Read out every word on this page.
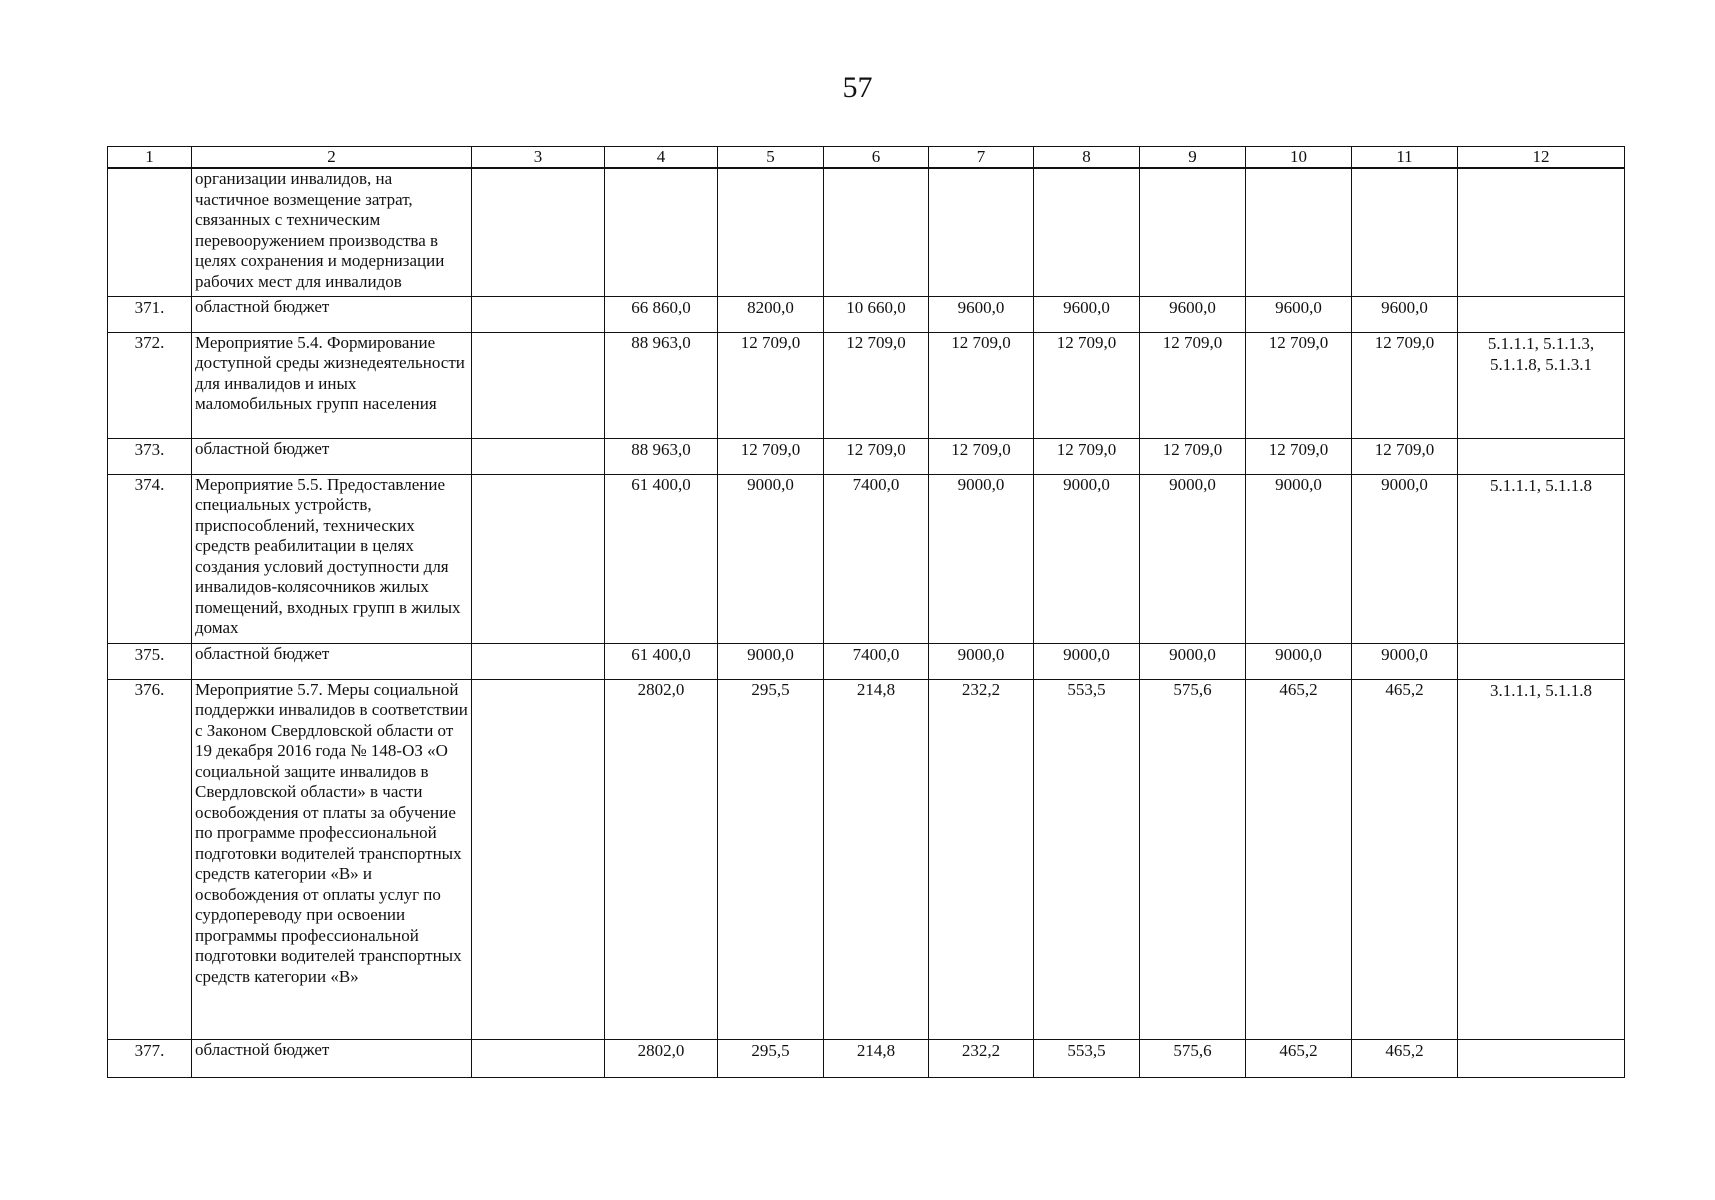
57
1	2	3	4	5	6	7	8	9	10	11	12
	организации инвалидов, на частичное возмещение затрат, связанных с техническим перевооружением производства в целях сохранения и модернизации рабочих мест для инвалидов										
371.	областной бюджет		66 860,0	8200,0	10 660,0	9600,0	9600,0	9600,0	9600,0	9600,0	
372.	Мероприятие 5.4. Формирование доступной среды жизнедеятельности для инвалидов и иных маломобильных групп населения		88 963,0	12 709,0	12 709,0	12 709,0	12 709,0	12 709,0	12 709,0	12 709,0	5.1.1.1, 5.1.1.3, 5.1.1.8, 5.1.3.1
373.	областной бюджет		88 963,0	12 709,0	12 709,0	12 709,0	12 709,0	12 709,0	12 709,0	12 709,0	
374.	Мероприятие 5.5. Предоставление специальных устройств, приспособлений, технических средств реабилитации в целях создания условий доступности для инвалидов-колясочников жилых помещений, входных групп в жилых домах		61 400,0	9000,0	7400,0	9000,0	9000,0	9000,0	9000,0	9000,0	5.1.1.1, 5.1.1.8
375.	областной бюджет		61 400,0	9000,0	7400,0	9000,0	9000,0	9000,0	9000,0	9000,0	
376.	Мероприятие 5.7. Меры социальной поддержки инвалидов в соответствии с Законом Свердловской области от 19 декабря 2016 года № 148-ОЗ «О социальной защите инвалидов в Свердловской области» в части освобождения от платы за обучение по программе профессиональной подготовки водителей транспортных средств категории «В» и освобождения от оплаты услуг по сурдопереводу при освоении программы профессиональной подготовки водителей транспортных средств категории «В»		2802,0	295,5	214,8	232,2	553,5	575,6	465,2	465,2	3.1.1.1, 5.1.1.8
377.	областной бюджет		2802,0	295,5	214,8	232,2	553,5	575,6	465,2	465,2	
